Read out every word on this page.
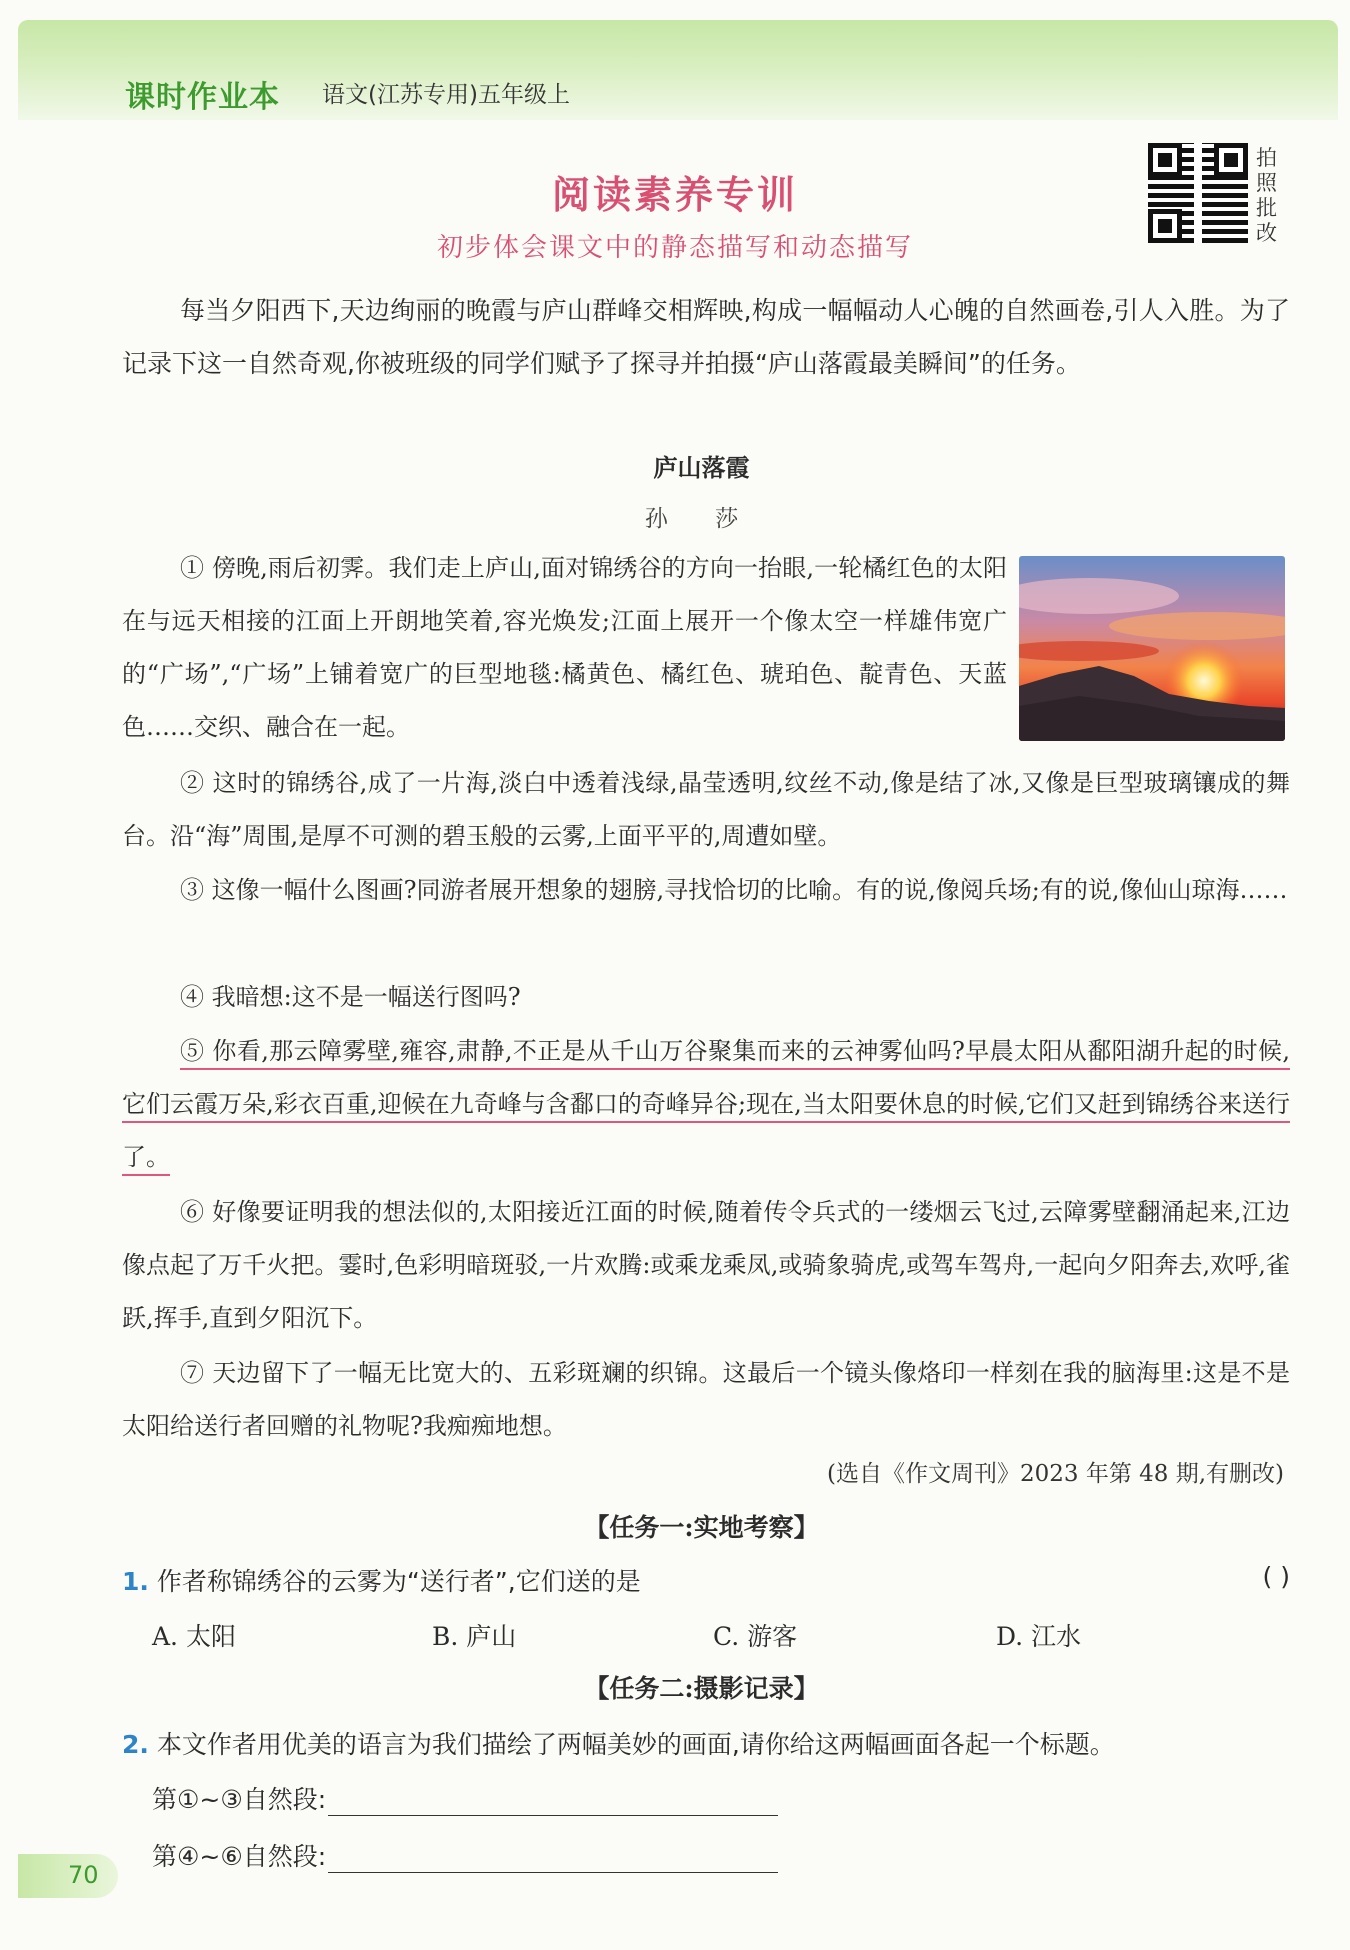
课时作业本 语文(江苏专用)五年级上
拍照批改
阅读素养专训
初步体会课文中的静态描写和动态描写
每当夕阳西下,天边绚丽的晚霞与庐山群峰交相辉映,构成一幅幅动人心魄的自然画卷,引人入胜。为了记录下这一自然奇观,你被班级的同学们赋予了探寻并拍摄“庐山落霞最美瞬间”的任务。
庐山落霞
孙 莎
① 傍晚,雨后初霁。我们走上庐山,面对锦绣谷的方向一抬眼,一轮橘红色的太阳在与远天相接的江面上开朗地笑着,容光焕发;江面上展开一个像太空一样雄伟宽广的“广场”,“广场”上铺着宽广的巨型地毯:橘黄色、橘红色、琥珀色、靛青色、天蓝色……交织、融合在一起。
② 这时的锦绣谷,成了一片海,淡白中透着浅绿,晶莹透明,纹丝不动,像是结了冰,又像是巨型玻璃镶成的舞台。沿“海”周围,是厚不可测的碧玉般的云雾,上面平平的,周遭如壁。
③ 这像一幅什么图画?同游者展开想象的翅膀,寻找恰切的比喻。有的说,像阅兵场;有的说,像仙山琼海……
④ 我暗想:这不是一幅送行图吗?
⑤ 你看,那云障雾壁,雍容,肃静,不正是从千山万谷聚集而来的云神雾仙吗?早晨太阳从鄱阳湖升起的时候,它们云霞万朵,彩衣百重,迎候在九奇峰与含鄱口的奇峰异谷;现在,当太阳要休息的时候,它们又赶到锦绣谷来送行了。
⑥ 好像要证明我的想法似的,太阳接近江面的时候,随着传令兵式的一缕烟云飞过,云障雾壁翻涌起来,江边像点起了万千火把。霎时,色彩明暗斑驳,一片欢腾:或乘龙乘凤,或骑象骑虎,或驾车驾舟,一起向夕阳奔去,欢呼,雀跃,挥手,直到夕阳沉下。
⑦ 天边留下了一幅无比宽大的、五彩斑斓的织锦。这最后一个镜头像烙印一样刻在我的脑海里:这是不是太阳给送行者回赠的礼物呢?我痴痴地想。
(选自《作文周刊》2023 年第 48 期,有删改)
【任务一:实地考察】
1. 作者称锦绣谷的云雾为“送行者”,它们送的是	( )
A. 太阳	B. 庐山	C. 游客	D. 江水
【任务二:摄影记录】
2. 本文作者用优美的语言为我们描绘了两幅美妙的画面,请你给这两幅画面各起一个标题。
第①~③自然段:
第④~⑥自然段:
70
